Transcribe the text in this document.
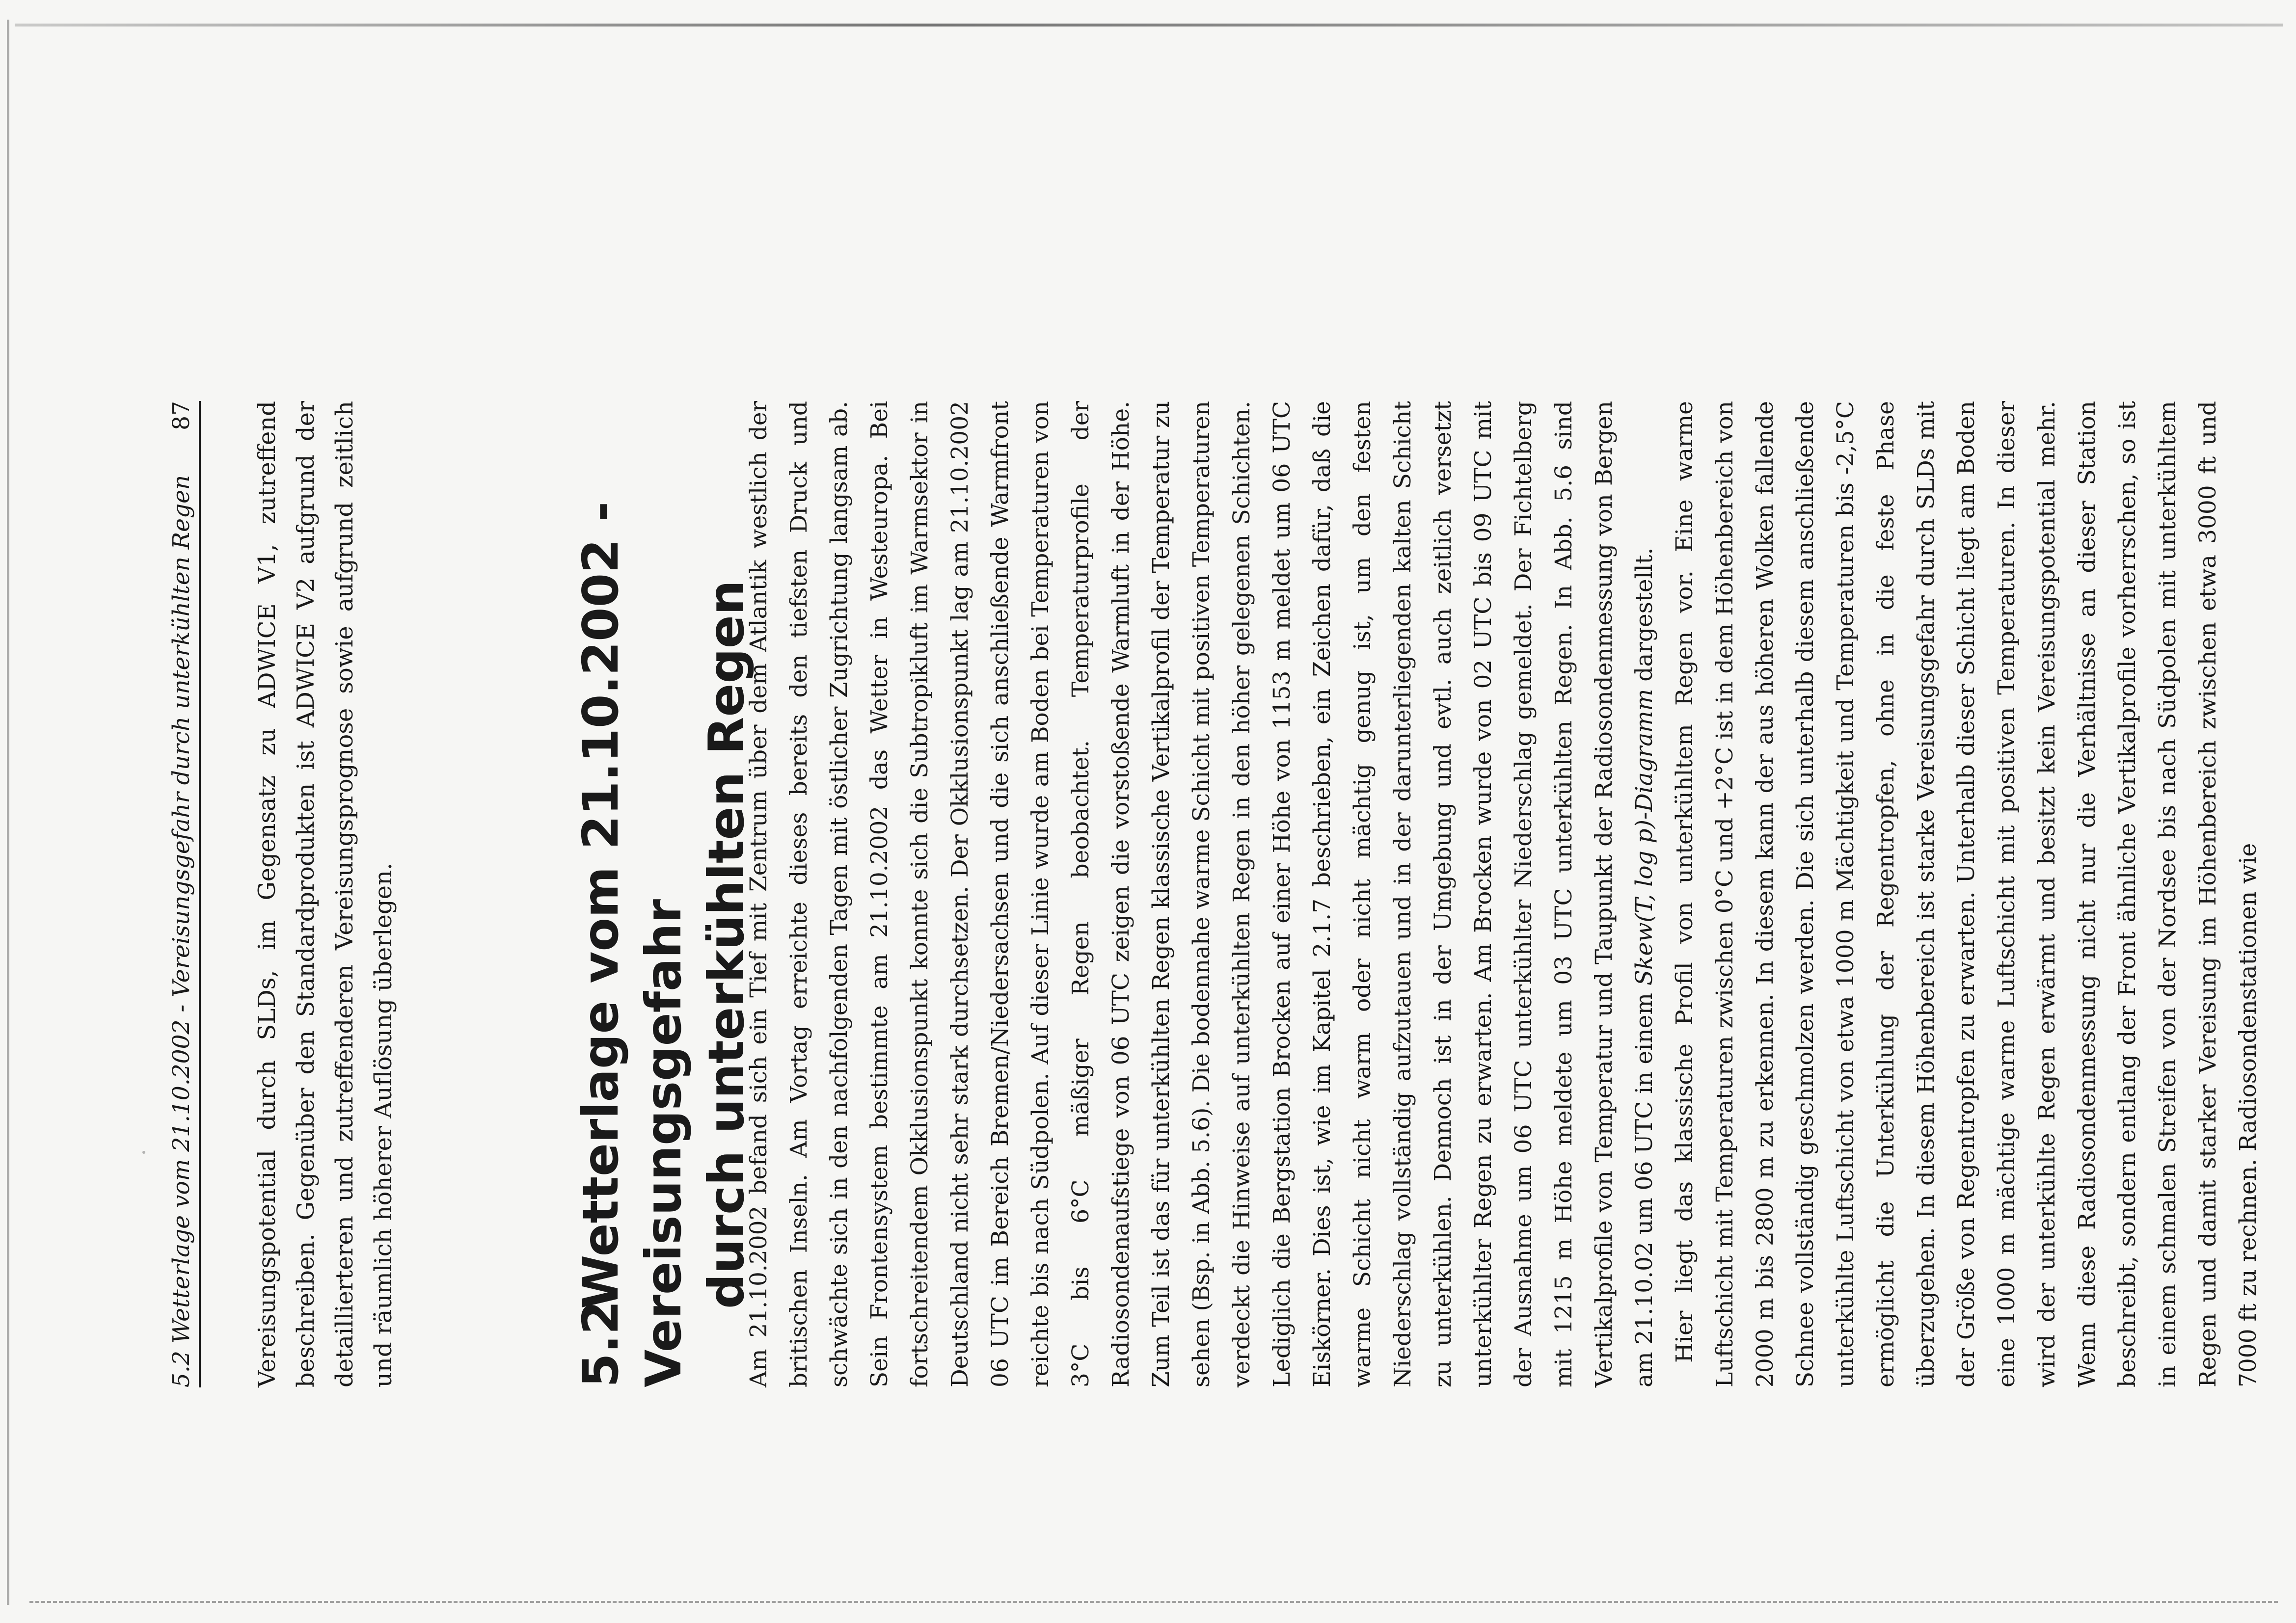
5.2 Wetterlage vom 21.10.2002 - Vereisungsgefahr durch unterkühlten Regen
87 Vereisungspotential durch SLDs, im Gegensatz zu ADWICE V1, zutreffend beschreiben. Gegenüber den Standardprodukten ist ADWICE V2 aufgrund der detaillierteren und zutreffenderen Vereisungsprognose sowie aufgrund zeitlich und räumlich höherer Auflösung überlegen.	5.2Wetterlage vom 21.10.2002 - Vereisungsgefahr durch unterkühlten Regen

Am 21.10.2002 befand sich ein Tief mit Zentrum über dem Atlantik westlich der britischen Inseln. Am Vortag erreichte dieses bereits den tiefsten Druck und schwächte sich in den nachfolgenden Tagen mit östlicher Zugrichtung langsam ab. Sein Frontensystem bestimmte am 21.10.2002 das Wetter in Westeuropa. Bei fortschreitendem Okklusionspunkt konnte sich die Subtropikluft im Warmsektor in Deutschland nicht sehr stark durchsetzen. Der Okklusionspunkt lag am 21.10.2002 06 UTC im Bereich Bremen/Niedersachsen und die sich anschließende Warmfront reichte bis nach Südpolen. Auf dieser Linie wurde am Boden bei Temperaturen von 3°C bis 6°C mäßiger Regen beobachtet. Temperaturprofile der Radiosondenaufstiege von 06 UTC zeigen die vorstoßende Warmluft in der Höhe. Zum Teil ist das für unterkühlten Regen klassische Vertikalprofil der Temperatur zu sehen (Bsp. in Abb. 5.6). Die bodennahe warme Schicht mit positiven Temperaturen verdeckt die Hinweise auf unterkühlten Regen in den höher gelegenen Schichten. Lediglich die Bergstation Brocken auf einer Höhe von 1153 m meldet um 06 UTC Eiskörner. Dies ist, wie im Kapitel 2.1.7 beschrieben, ein Zeichen dafür, daß die warme Schicht nicht warm oder nicht mächtig genug ist, um den festen Niederschlag vollständig aufzutauen und in der darunterliegenden kalten Schicht zu unterkühlen. Dennoch ist in der Umgebung und evtl. auch zeitlich versetzt unterkühlter Regen zu erwarten. Am Brocken wurde von 02 UTC bis 09 UTC mit der Ausnahme um 06 UTC unterkühlter Niederschlag gemeldet. Der Fichtelberg mit 1215 m Höhe meldete um 03 UTC unterkühlten Regen. In Abb. 5.6 sind Vertikalprofile von Temperatur und Taupunkt der Radiosondenmessung von Bergen am 21.10.02 um 06 UTC in einem Skew(T, log p)-Diagramm dargestellt. Hier liegt das klassische Profil von unterkühltem Regen vor. Eine warme Luftschicht mit Temperaturen zwischen 0°C und +2°C ist in dem Höhenbereich von 2000 m bis 2800 m zu erkennen. In diesem kann der aus höheren Wolken fallende Schnee vollständig geschmolzen werden. Die sich unterhalb diesem anschließende unterkühlte Luftschicht von etwa 1000 m Mächtigkeit und Temperaturen bis -2,5°C ermöglicht die Unterkühlung der Regentropfen, ohne in die feste Phase überzugehen. In diesem Höhenbereich ist starke Vereisungsgefahr durch SLDs mit der Größe von Regentropfen zu erwarten. Unterhalb dieser Schicht liegt am Boden eine 1000 m mächtige warme Luftschicht mit positiven Temperaturen. In dieser wird der unterkühlte Regen erwärmt und besitzt kein Vereisungspotential mehr. Wenn diese Radiosondenmessung nicht nur die Verhältnisse an dieser Station beschreibt, sondern entlang der Front ähnliche Vertikalprofile vorherrschen, so ist in einem schmalen Streifen von der Nordsee bis nach Südpolen mit unterkühltem Regen und damit starker Vereisung im Höhenbereich zwischen etwa 3000 ft und 7000 ft zu rechnen. Radiosondenstationen wie
